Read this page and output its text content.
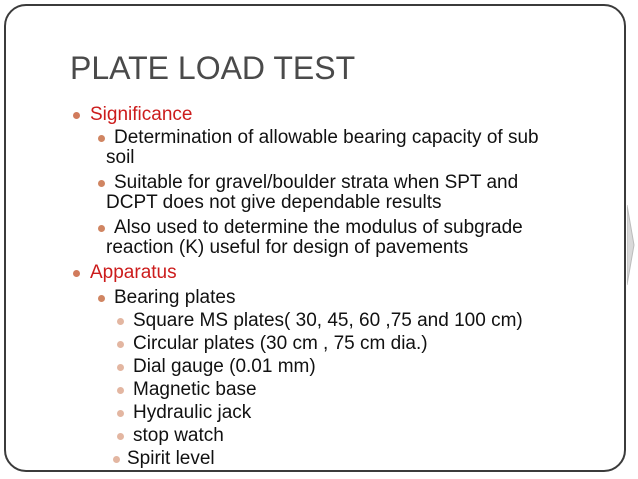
PLATE LOAD TEST
Significance
Determination of allowable bearing capacity of sub
soil
Suitable for gravel/boulder strata when SPT and
DCPT does not give dependable results
Also used to determine the modulus of subgrade
reaction (K) useful for design of pavements
Apparatus
Bearing plates
Square MS plates( 30, 45, 60 ,75 and 100 cm)
Circular plates (30 cm , 75 cm dia.)
Dial gauge (0.01 mm)
Magnetic base
Hydraulic jack
stop watch
Spirit level
